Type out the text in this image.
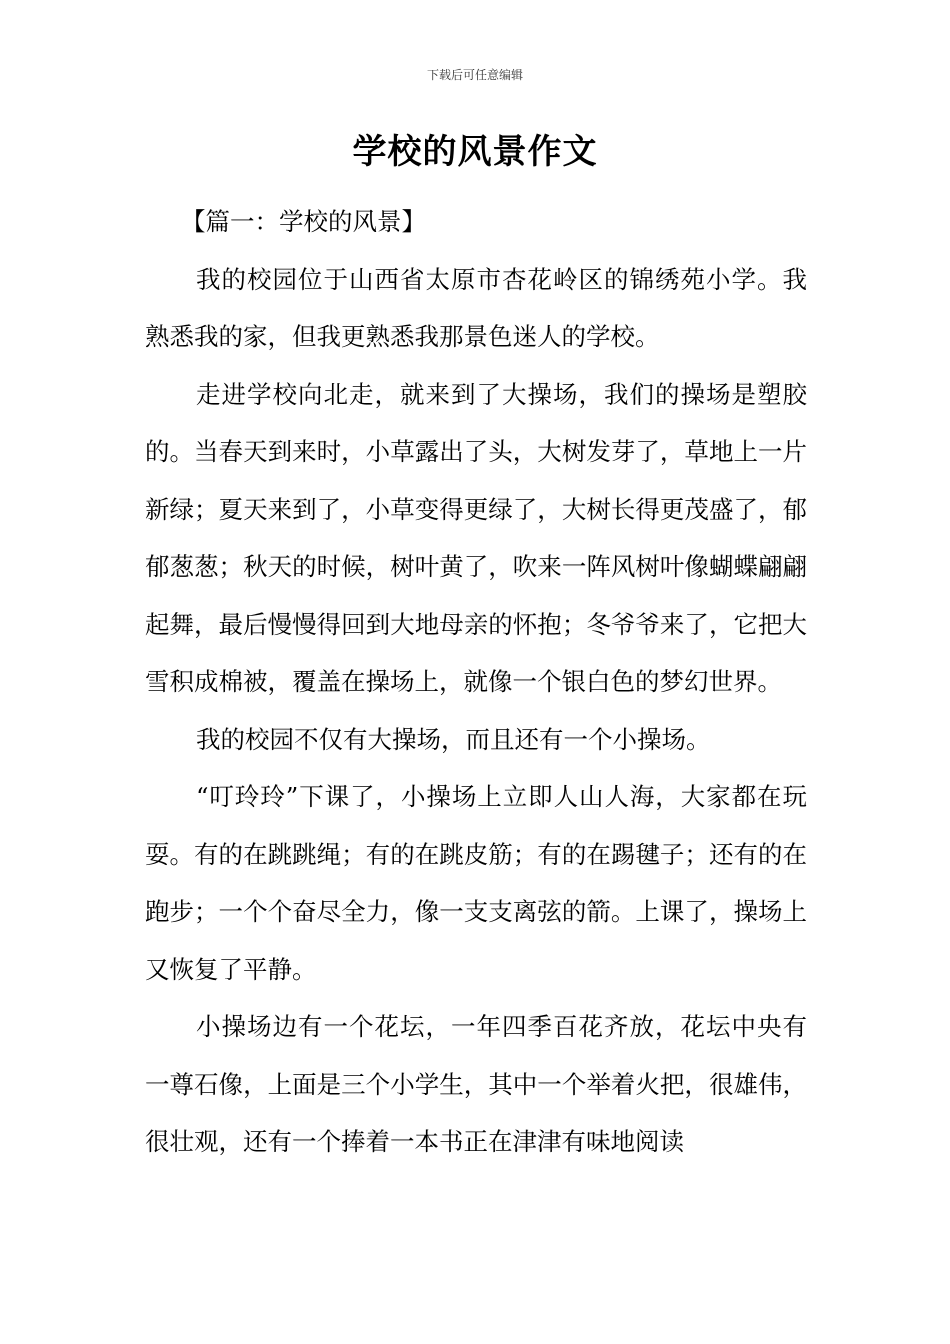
下载后可任意编辑
学校的风景作文

【篇一：学校的风景】

我的校园位于山西省太原市杏花岭区的锦绣苑小学。我熟悉我的家，但我更熟悉我那景色迷人的学校。

走进学校向北走，就来到了大操场，我们的操场是塑胶的。当春天到来时，小草露出了头，大树发芽了，草地上一片新绿；夏天来到了，小草变得更绿了，大树长得更茂盛了，郁郁葱葱；秋天的时候，树叶黄了，吹来一阵风树叶像蝴蝶翩翩起舞，最后慢慢得回到大地母亲的怀抱；冬爷爷来了，它把大雪积成棉被，覆盖在操场上，就像一个银白色的梦幻世界。

我的校园不仅有大操场，而且还有一个小操场。

“叮玲玲”下课了，小操场上立即人山人海，大家都在玩耍。有的在跳跳绳；有的在跳皮筋；有的在踢毽子；还有的在跑步；一个个奋尽全力，像一支支离弦的箭。上课了，操场上又恢复了平静。

小操场边有一个花坛，一年四季百花齐放，花坛中央有一尊石像，上面是三个小学生，其中一个举着火把，很雄伟，很壮观，还有一个捧着一本书正在津津有味地阅读
